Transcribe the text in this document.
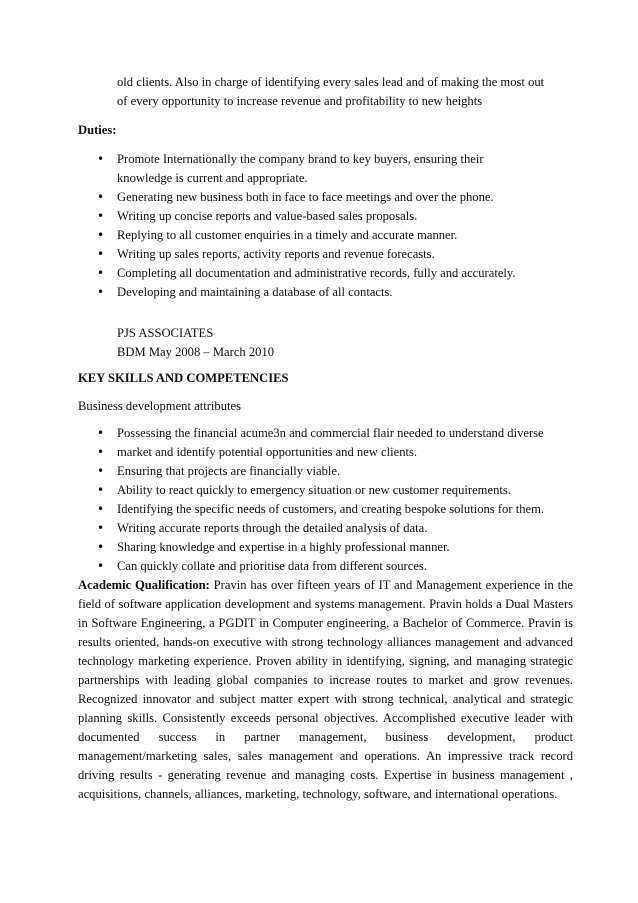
old clients. Also in charge of identifying every sales lead and of making the most out
of every opportunity to increase revenue and profitability to new heights

Duties:

• Promote Internationally the company brand to key buyers, ensuring their knowledge is current and appropriate.
• Generating new business both in face to face meetings and over the phone.
• Writing up concise reports and value-based sales proposals.
• Replying to all customer enquiries in a timely and accurate manner.
• Writing up sales reports, activity reports and revenue forecasts.
• Completing all documentation and administrative records, fully and accurately.
• Developing and maintaining a database of all contacts.

PJS ASSOCIATES
BDM May 2008 – March 2010

KEY SKILLS AND COMPETENCIES

Business development attributes

• Possessing the financial acume3n and commercial flair needed to understand diverse
• market and identify potential opportunities and new clients.
• Ensuring that projects are financially viable.
• Ability to react quickly to emergency situation or new customer requirements.
• Identifying the specific needs of customers, and creating bespoke solutions for them.
• Writing accurate reports through the detailed analysis of data.
• Sharing knowledge and expertise in a highly professional manner.
• Can quickly collate and prioritise data from different sources.

Academic Qualification: Pravin has over fifteen years of IT and Management experience in the field of software application development and systems management. Pravin holds a Dual Masters in Software Engineering, a PGDIT in Computer engineering, a Bachelor of Commerce. Pravin is results oriented, hands-on executive with strong technology alliances management and advanced technology marketing experience. Proven ability in identifying, signing, and managing strategic partnerships with leading global companies to increase routes to market and grow revenues. Recognized innovator and subject matter expert with strong technical, analytical and strategic planning skills. Consistently exceeds personal objectives. Accomplished executive leader with documented success in partner management, business development, product management/marketing sales, sales management and operations. An impressive track record driving results - generating revenue and managing costs. Expertise in business management , acquisitions, channels, alliances, marketing, technology, software, and international operations.
